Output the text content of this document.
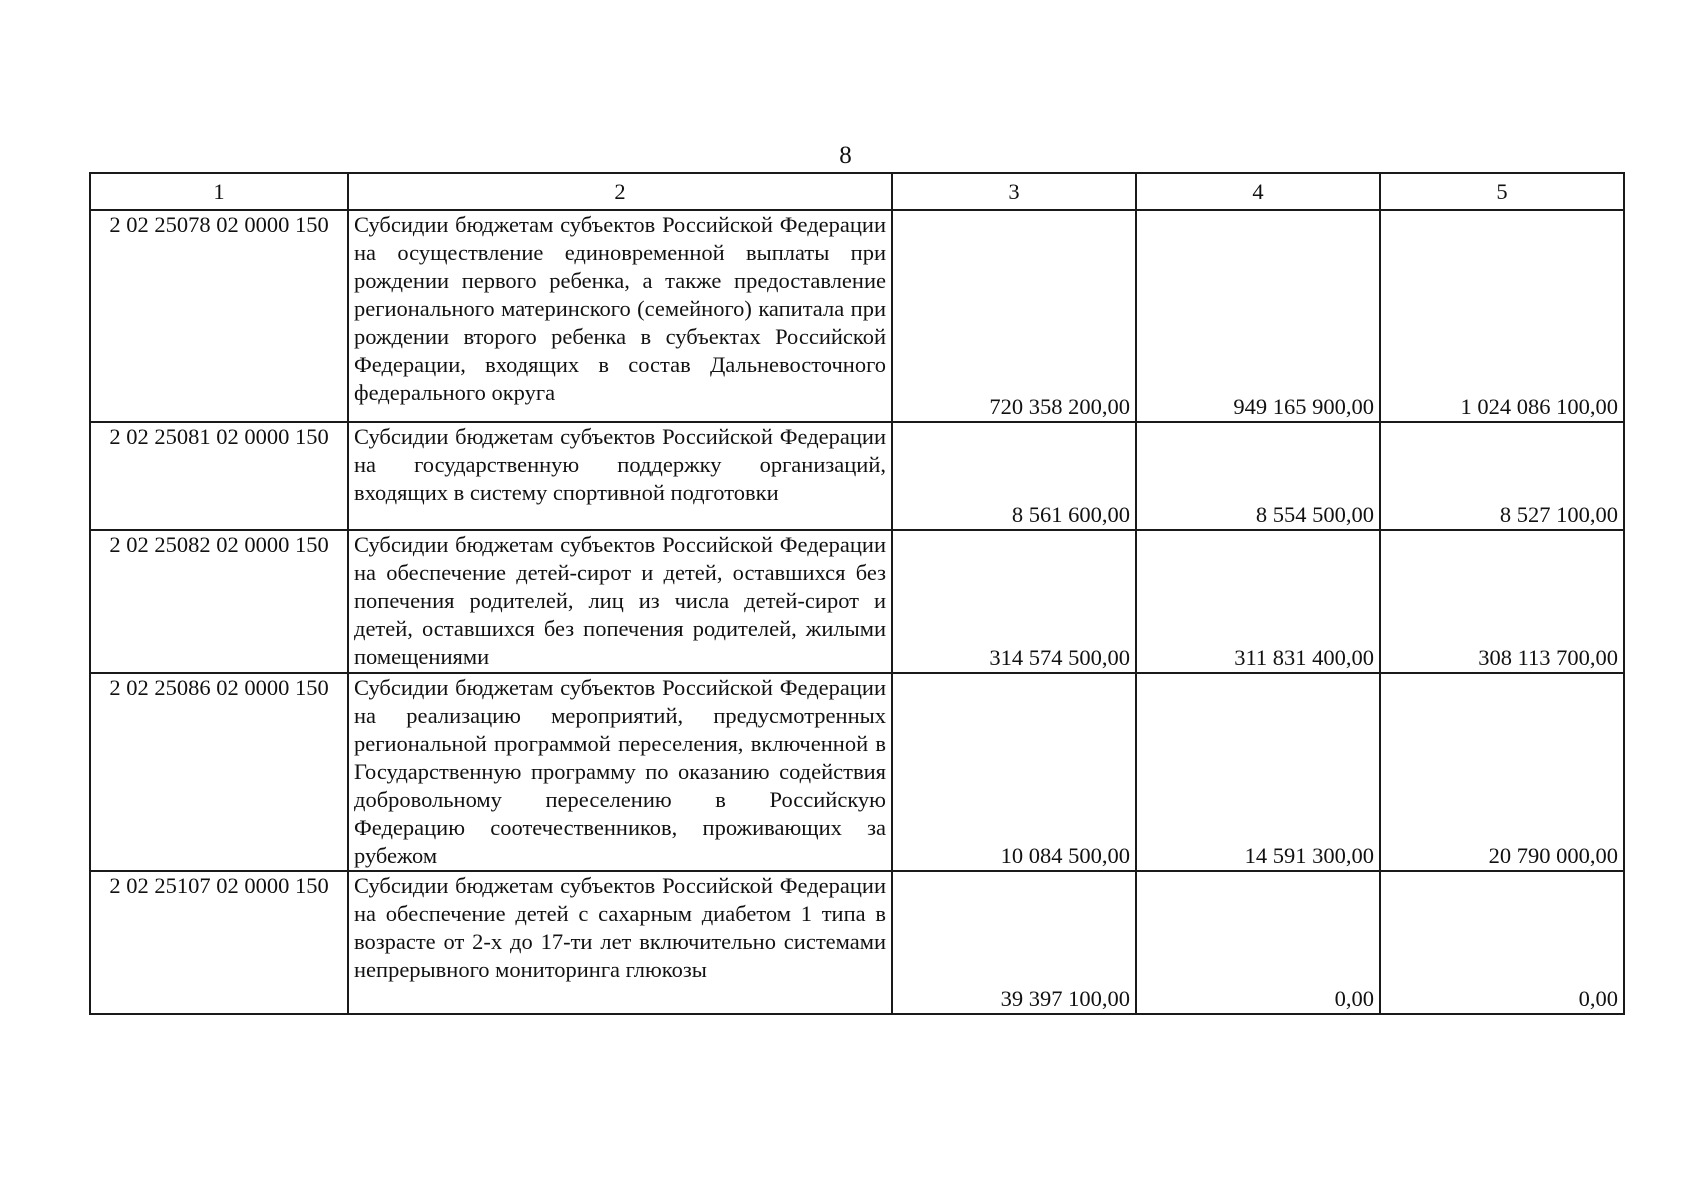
8
1	2	3	4	5
2 02 25078 02 0000 150	Субсидии бюджетам субъектов Российской Федерации на осуществление единовременной выплаты при рождении первого ребенка, а также предоставление регионального материнского (семейного) капитала при рождении второго ребенка в субъектах Российской Федерации, входящих в состав Дальневосточного федерального округа	720 358 200,00	949 165 900,00	1 024 086 100,00
2 02 25081 02 0000 150	Субсидии бюджетам субъектов Российской Федерации на государственную поддержку организаций, входящих в систему спортивной подготовки	8 561 600,00	8 554 500,00	8 527 100,00
2 02 25082 02 0000 150	Субсидии бюджетам субъектов Российской Федерации на обеспечение детей-сирот и детей, оставшихся без попечения родителей, лиц из числа детей-сирот и детей, оставшихся без попечения родителей, жилыми помещениями	314 574 500,00	311 831 400,00	308 113 700,00
2 02 25086 02 0000 150	Субсидии бюджетам субъектов Российской Федерации на реализацию мероприятий, предусмотренных региональной программой переселения, включенной в Государственную программу по оказанию содействия добровольному переселению в Российскую Федерацию соотечественников, проживающих за рубежом	10 084 500,00	14 591 300,00	20 790 000,00
2 02 25107 02 0000 150	Субсидии бюджетам субъектов Российской Федерации на обеспечение детей с сахарным диабетом 1 типа в возрасте от 2-х до 17-ти лет включительно системами непрерывного мониторинга глюкозы	39 397 100,00	0,00	0,00
